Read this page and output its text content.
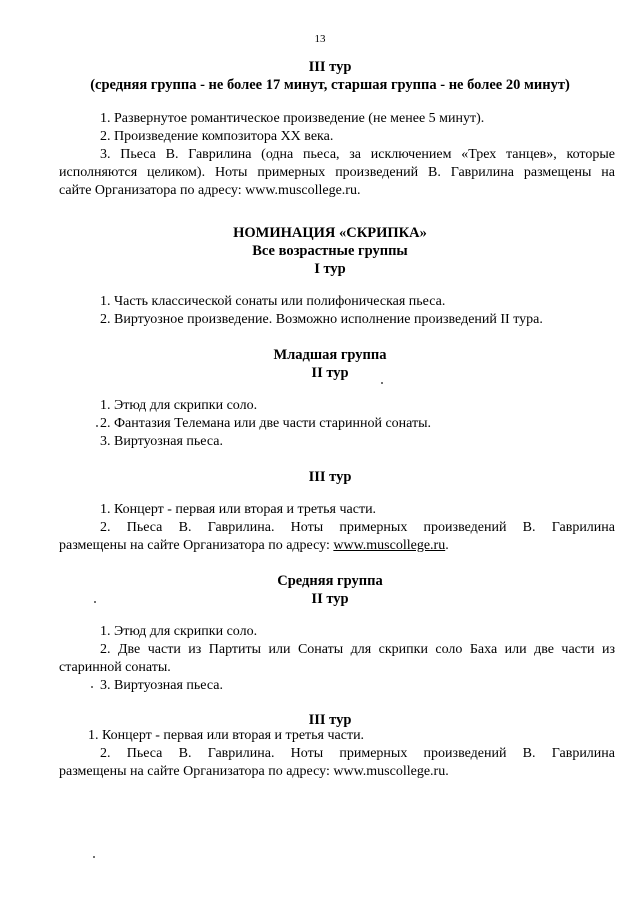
13
III тур
(средняя группа - не более 17 минут, старшая группа - не более 20 минут)
1. Развернутое романтическое произведение (не менее 5 минут).
2. Произведение композитора XX века.
3. Пьеса В. Гаврилина (одна пьеса, за исключением «Трех танцев», которые
исполняются целиком). Ноты примерных произведений В. Гаврилина размещены на
сайте Организатора по адресу: www.muscollege.ru.
НОМИНАЦИЯ «СКРИПКА»
Все возрастные группы
I тур
1. Часть классической сонаты или полифоническая пьеса.
2. Виртуозное произведение. Возможно исполнение произведений II тура.
Младшая группа
II тур
1. Этюд для скрипки соло.
2. Фантазия Телемана или две части старинной сонаты.
3. Виртуозная пьеса.
III тур
1. Концерт - первая или вторая и третья части.
2. Пьеса В. Гаврилина. Ноты примерных произведений В. Гаврилина
размещены на сайте Организатора по адресу: www.muscollege.ru.
Средняя группа
II тур
1. Этюд для скрипки соло.
2. Две части из Партиты или Сонаты для скрипки соло Баха или две части из
старинной сонаты.
3. Виртуозная пьеса.
III тур
1. Концерт - первая или вторая и третья части.
2. Пьеса В. Гаврилина. Ноты примерных произведений В. Гаврилина
размещены на сайте Организатора по адресу: www.muscollege.ru.
